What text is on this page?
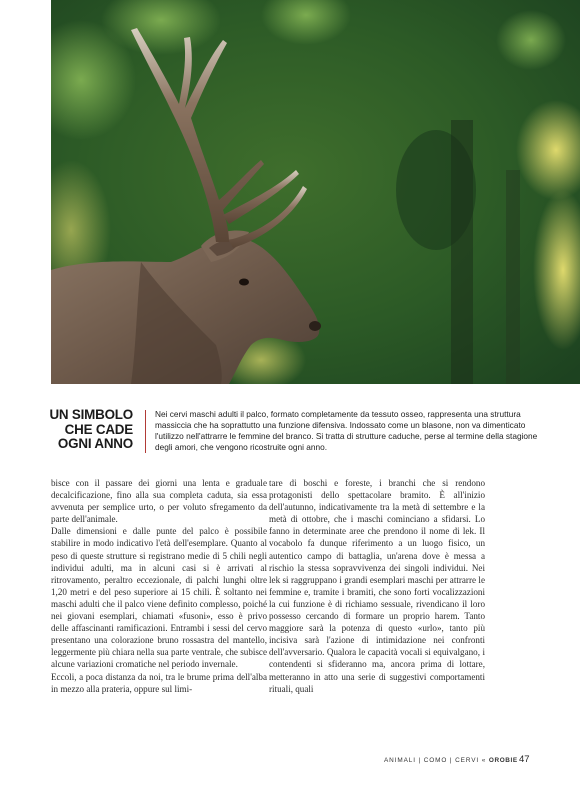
UN SIMBOLO
CHE CADE
OGNI ANNO
Nei cervi maschi adulti il palco, formato completamente da tessuto osseo, rappresenta una struttura massiccia che ha soprattutto una funzione difensiva. Indossato come un blasone, non va dimenticato l'utilizzo nell'attrarre le femmine del branco. Si tratta di strutture caduche, perse al termine della stagione degli amori, che vengono ricostruite ogni anno.

bisce con il passare dei giorni una lenta e graduale decalcificazione, fino alla sua completa caduta, sia essa avvenuta per semplice urto, o per voluto sfregamento da parte dell'animale.

Dalle dimensioni e dalle punte del palco è possibile stabilire in modo indicativo l'età dell'esemplare. Quanto al peso di queste strutture si registrano medie di 5 chili negli individui adulti, ma in alcuni casi si è arrivati al ritrovamento, peraltro eccezionale, di palchi lunghi oltre 1,20 metri e del peso superiore ai 15 chili. È soltanto nei maschi adulti che il palco viene definito complesso, poiché nei giovani esemplari, chiamati «fusoni», esso è privo delle affascinanti ramificazioni. Entrambi i sessi del cervo presentano una colorazione bruno rossastra del mantello, leggermente più chiara nella sua parte ventrale, che subisce alcune variazioni cromatiche nel periodo invernale.

Eccoli, a poca distanza da noi, tra le brume prima dell'alba in mezzo alla prateria, oppure sul limi-

tare di boschi e foreste, i branchi che si rendono protagonisti dello spettacolare bramito. È all'inizio dell'autunno, indicativamente tra la metà di settembre e la metà di ottobre, che i maschi cominciano a sfidarsi. Lo fanno in determinate aree che prendono il nome di lek. Il vocabolo fa dunque riferimento a un luogo fisico, un autentico campo di battaglia, un'arena dove è messa a rischio la stessa sopravvivenza dei singoli individui. Nei lek si raggruppano i grandi esemplari maschi per attrarre le femmine e, tramite i bramiti, che sono forti vocalizzazioni la cui funzione è di richiamo sessuale, rivendicano il loro possesso cercando di formare un proprio harem. Tanto maggiore sarà la potenza di questo «urlo», tanto più incisiva sarà l'azione di intimidazione nei confronti dell'avversario. Qualora le capacità vocali si equivalgano, i contendenti si sfideranno ma, ancora prima di lottare, metteranno in atto una serie di suggestivi comportamenti rituali, quali

ANIMALI | COMO | CERVI « OROBIE 47
